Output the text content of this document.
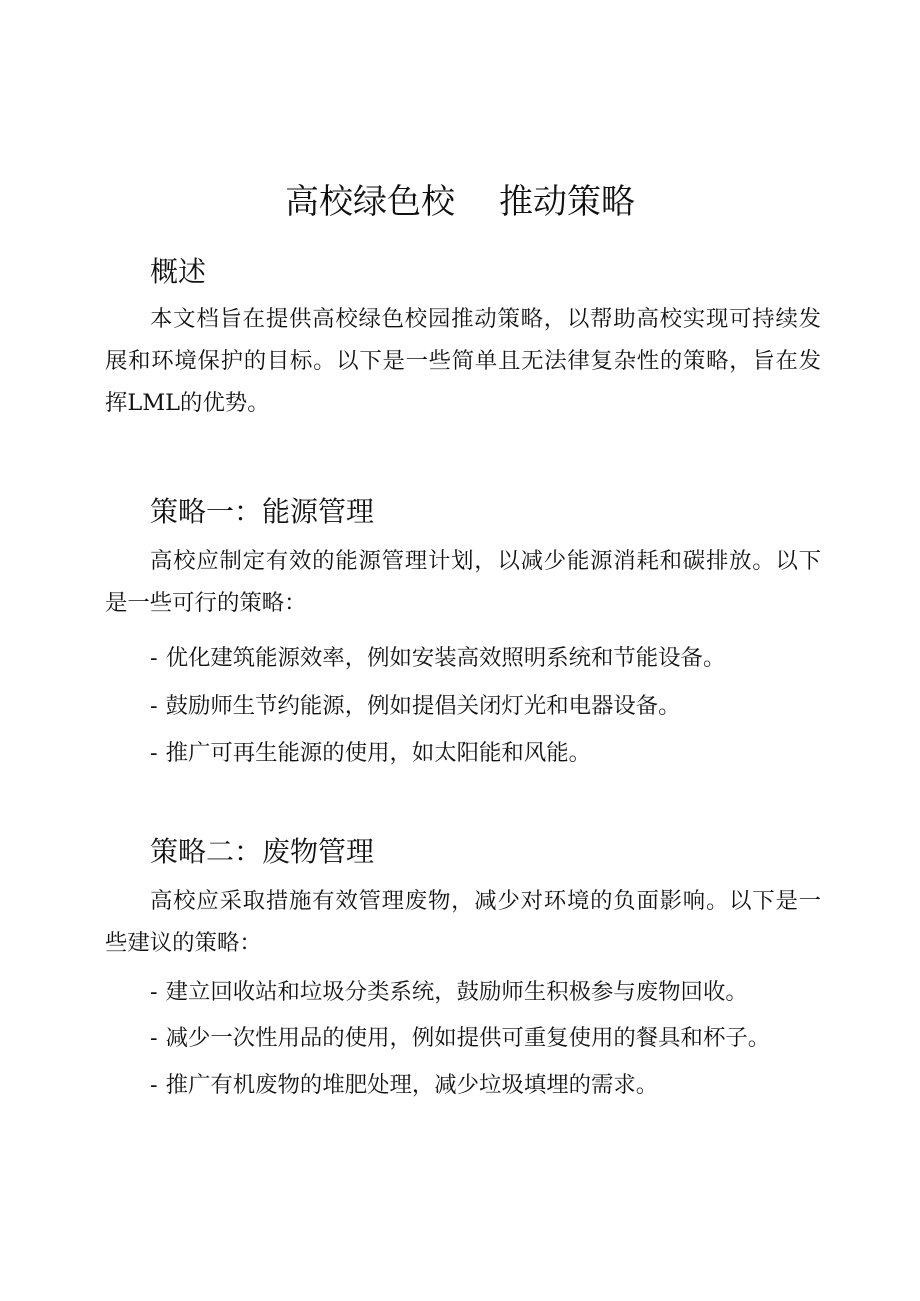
高校绿色校 推动策略
概述
本文档旨在提供高校绿色校园推动策略，以帮助高校实现可持续发展和环境保护的目标。以下是一些简单且无法律复杂性的策略，旨在发挥LML的优势。
策略一：能源管理
高校应制定有效的能源管理计划，以减少能源消耗和碳排放。以下是一些可行的策略：
- 优化建筑能源效率，例如安装高效照明系统和节能设备。
- 鼓励师生节约能源，例如提倡关闭灯光和电器设备。
- 推广可再生能源的使用，如太阳能和风能。
策略二：废物管理
高校应采取措施有效管理废物，减少对环境的负面影响。以下是一些建议的策略：
- 建立回收站和垃圾分类系统，鼓励师生积极参与废物回收。
- 减少一次性用品的使用，例如提供可重复使用的餐具和杯子。
- 推广有机废物的堆肥处理，减少垃圾填埋的需求。
